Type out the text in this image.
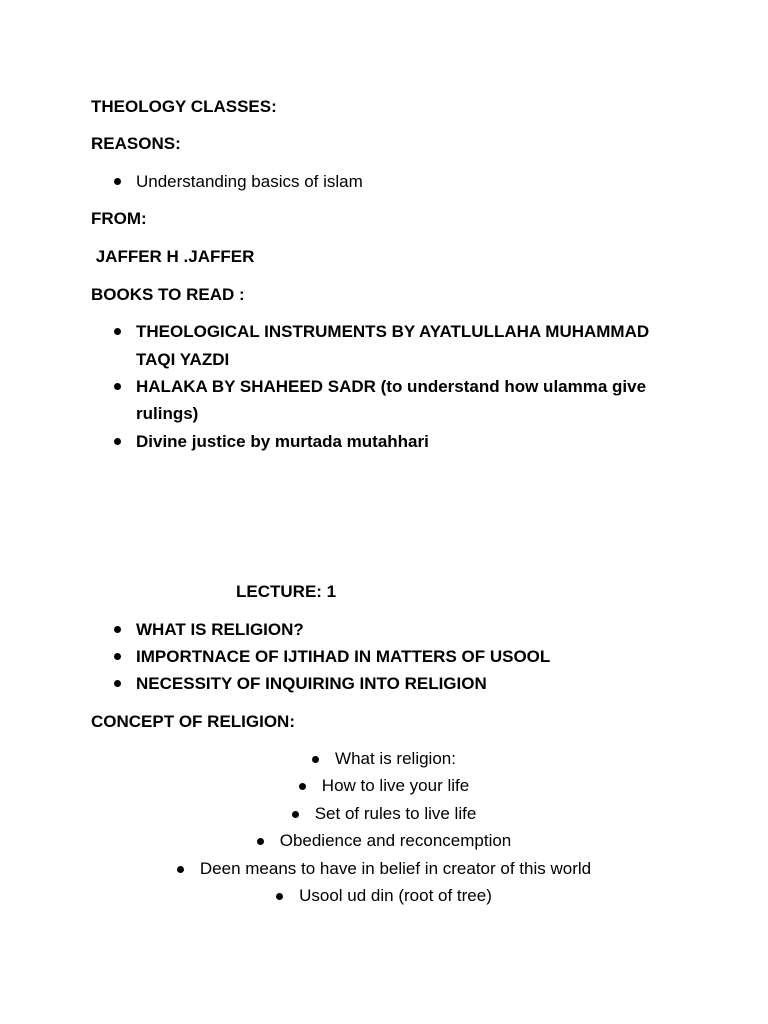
THEOLOGY CLASSES:
REASONS:
Understanding basics of islam
FROM:
JAFFER H .JAFFER
BOOKS TO READ :
THEOLOGICAL INSTRUMENTS BY AYATLULLAHA MUHAMMAD
TAQI YAZDI
HALAKA BY SHAHEED SADR (to understand how ulamma give
rulings)
Divine justice by murtada mutahhari
LECTURE: 1
WHAT IS RELIGION?
IMPORTNACE OF IJTIHAD IN MATTERS OF USOOL
NECESSITY OF INQUIRING INTO RELIGION
CONCEPT OF RELIGION:
What is religion:
How to live your life
Set of rules to live life
Obedience and reconcemption
Deen means to have in belief in creator of this world
Usool ud din (root of tree)
